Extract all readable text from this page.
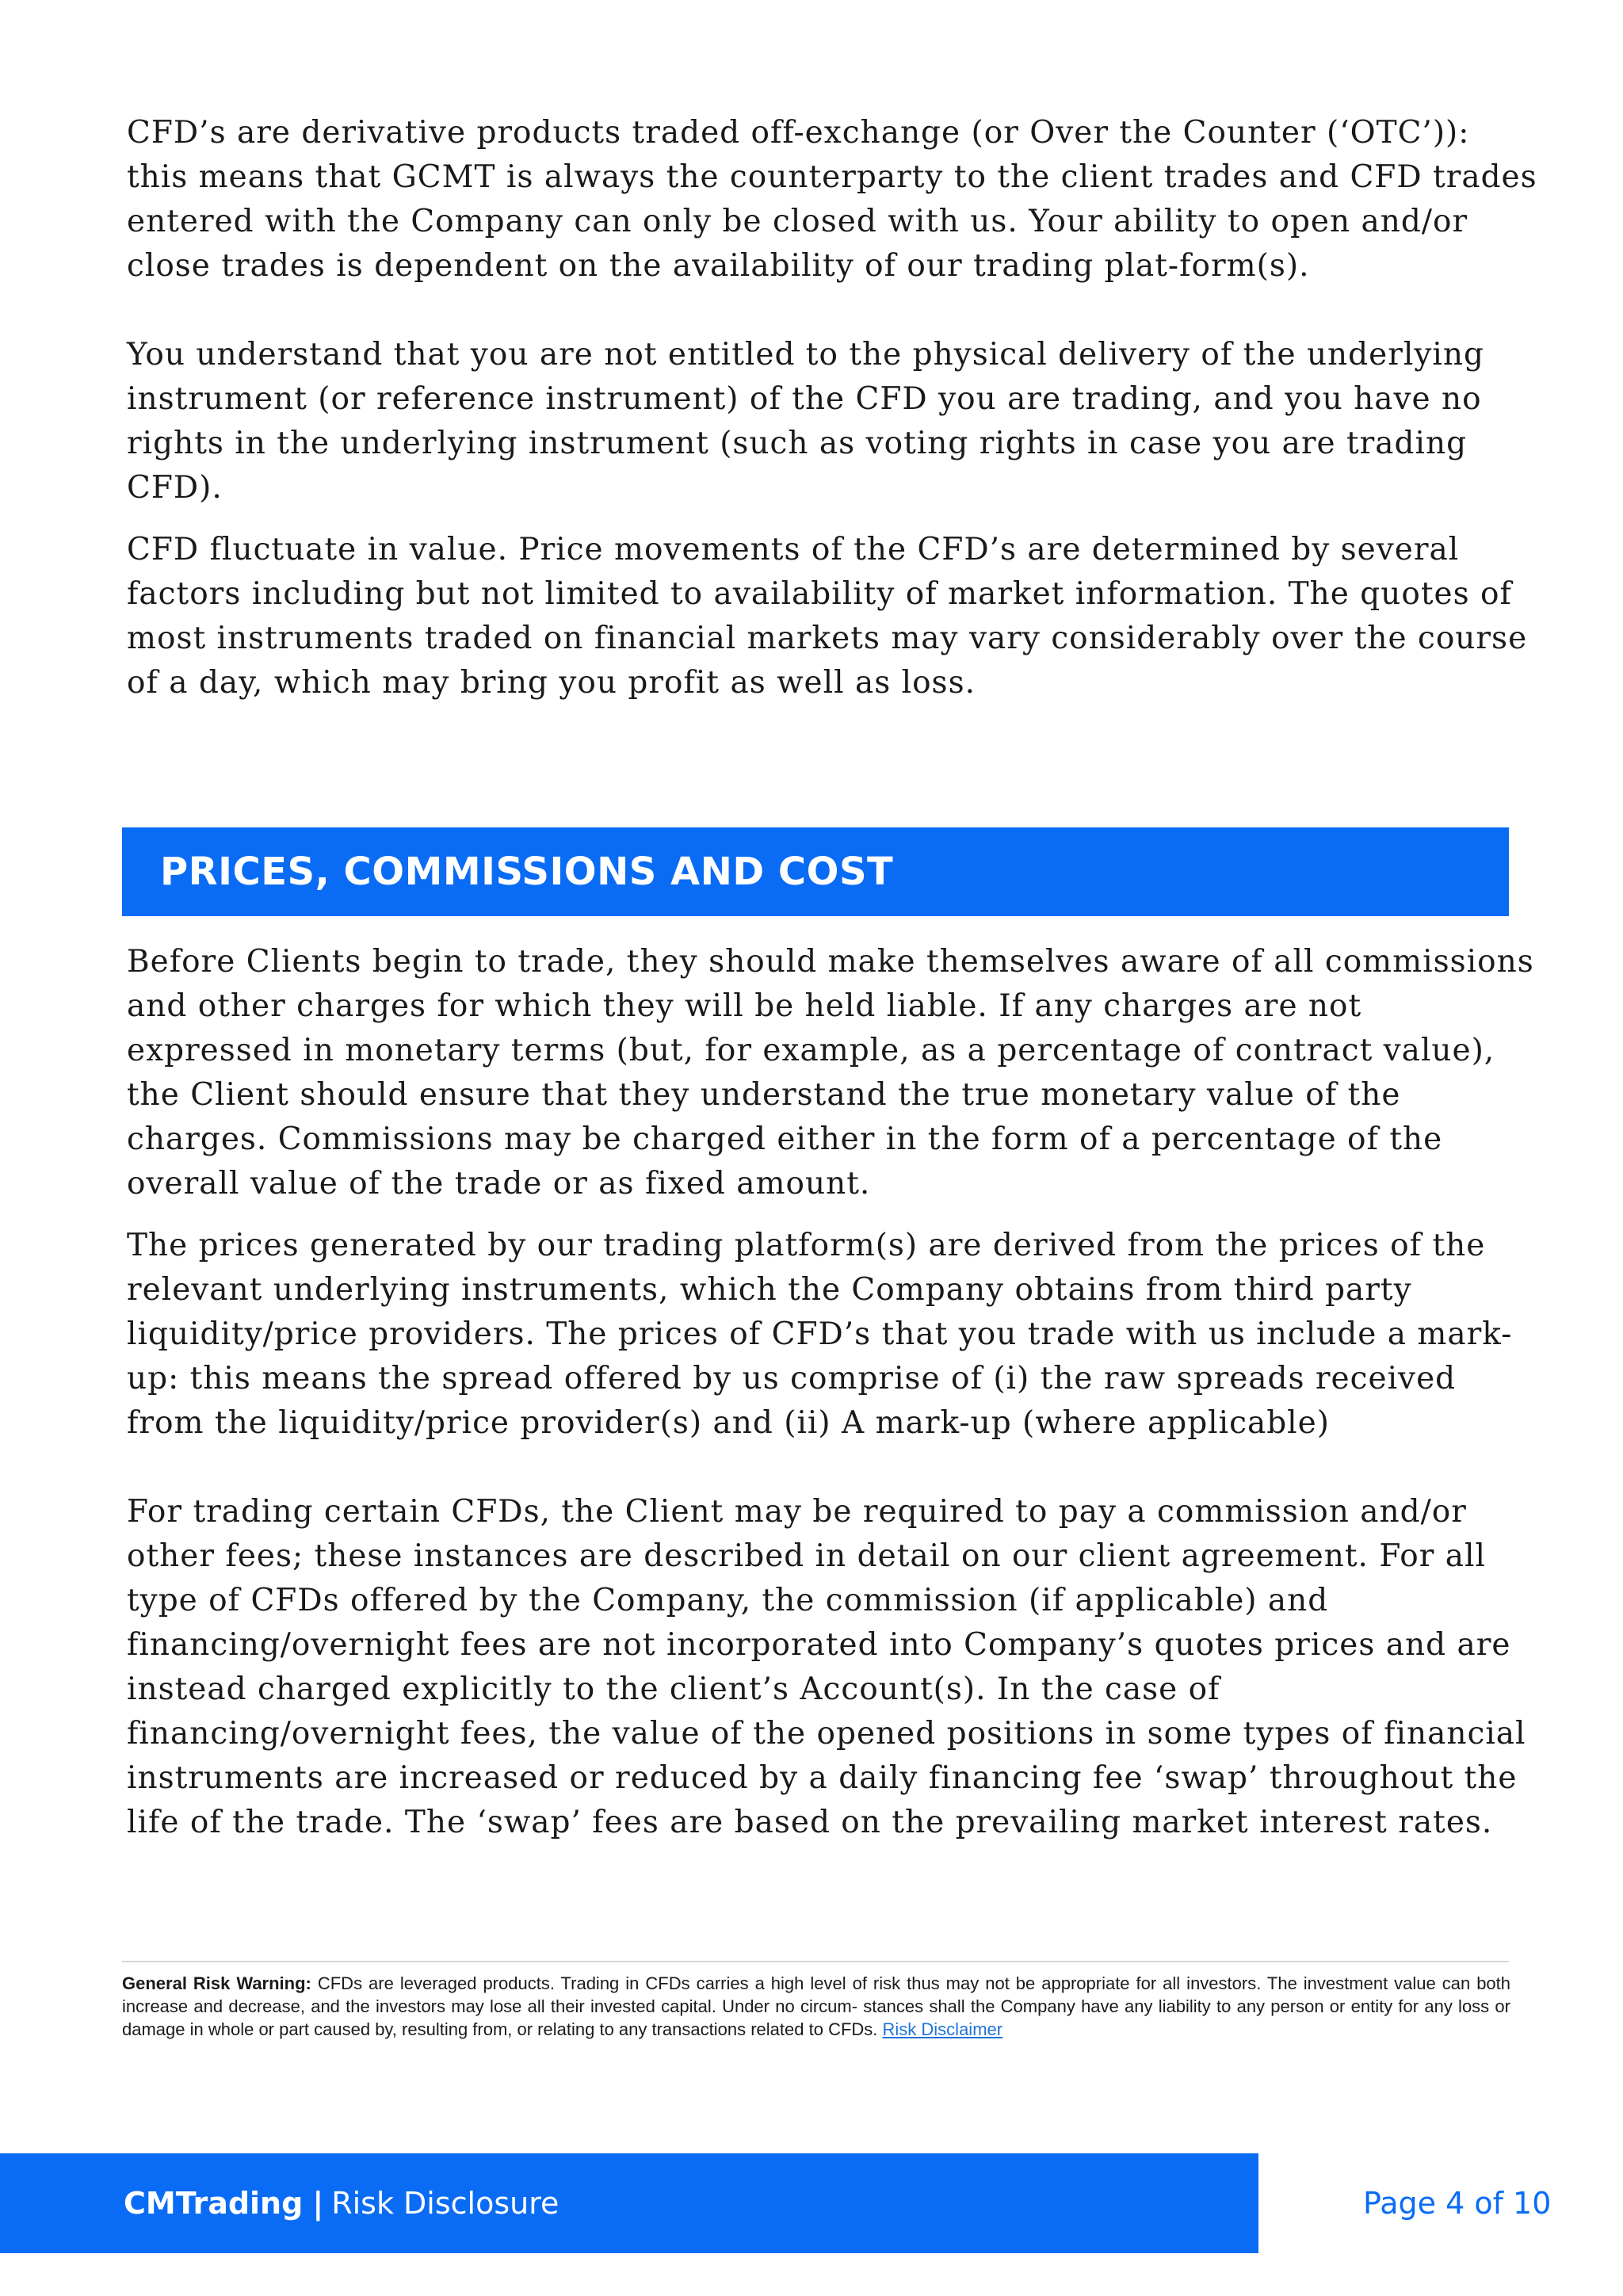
CFD’s are derivative products traded off-exchange (or Over the Counter (‘OTC’)): this means that GCMT is always the counterparty to the client trades and CFD trades entered with the Company can only be closed with us. Your ability to open and/or close trades is dependent on the availability of our trading plat-form(s).

You understand that you are not entitled to the physical delivery of the underlying instrument (or reference instrument) of the CFD you are trading, and you have no rights in the underlying instrument (such as voting rights in case you are trading CFD).

CFD fluctuate in value. Price movements of the CFD’s are determined by several factors including but not limited to availability of market information. The quotes of most instruments traded on financial markets may vary considerably over the course of a day, which may bring you profit as well as loss.

PRICES, COMMISSIONS AND COST

Before Clients begin to trade, they should make themselves aware of all commissions and other charges for which they will be held liable. If any charges are not expressed in monetary terms (but, for example, as a percentage of contract value), the Client should ensure that they understand the true monetary value of the charges. Commissions may be charged either in the form of a percentage of the overall value of the trade or as fixed amount.

The prices generated by our trading platform(s) are derived from the prices of the relevant underlying instruments, which the Company obtains from third party liquidity/price providers. The prices of CFD’s that you trade with us include a mark-up: this means the spread offered by us comprise of (i) the raw spreads received from the liquidity/price provider(s) and (ii) A mark-up (where applicable)

For trading certain CFDs, the Client may be required to pay a commission and/or other fees; these instances are described in detail on our client agreement. For all type of CFDs offered by the Company, the commission (if applicable) and financing/overnight fees are not incorporated into Company’s quotes prices and are instead charged explicitly to the client’s Account(s). In the case of financing/overnight fees, the value of the opened positions in some types of financial instruments are increased or reduced by a daily financing fee ‘swap’ throughout the life of the trade. The ‘swap’ fees are based on the prevailing market interest rates.

General Risk Warning: CFDs are leveraged products. Trading in CFDs carries a high level of risk thus may not be appropriate for all investors. The investment value can both increase and decrease, and the investors may lose all their invested capital. Under no circum- stances shall the Company have any liability to any person or entity for any loss or damage in whole or part caused by, resulting from, or relating to any transactions related to CFDs. Risk Disclaimer
CMTrading | Risk Disclosure	Page 4 of 10
